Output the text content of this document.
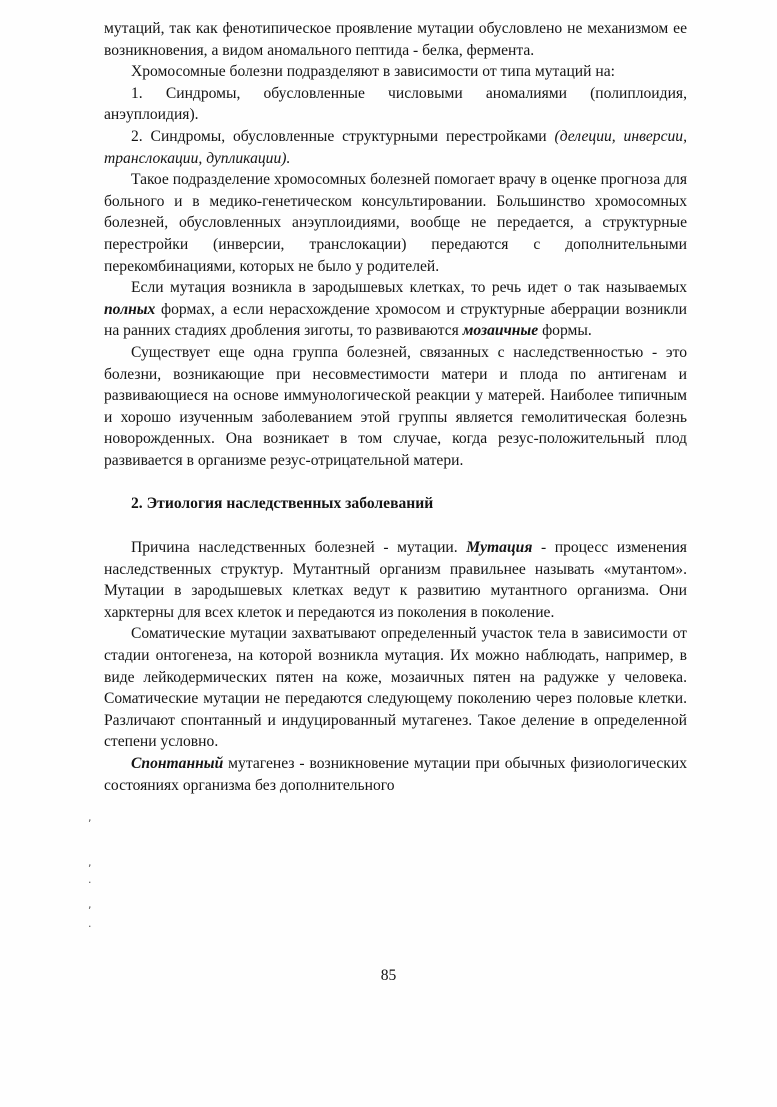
мутаций, так как фенотипическое проявление мутации обусловлено не механизмом ее возникновения, а видом аномального пептида - белка, фермента.

Хромосомные болезни подразделяют в зависимости от типа мутаций на:

1. Синдромы, обусловленные числовыми аномалиями (полиплоидия, анэуплоидия).

2. Синдромы, обусловленные структурными перестройками (делеции, инверсии, транслокации, дупликации).

Такое подразделение хромосомных болезней помогает врачу в оценке прогноза для больного и в медико-генетическом консультировании. Большинство хромосомных болезней, обусловленных анэуплоидиями, вообще не передается, а структурные перестройки (инверсии, транслокации) передаются с дополнительными перекомбинациями, которых не было у родителей.

Если мутация возникла в зародышевых клетках, то речь идет о так называемых полных формах, а если нерасхождение хромосом и структурные аберрации возникли на ранних стадиях дробления зиготы, то развиваются мозаичные формы.

Существует еще одна группа болезней, связанных с наследственностью - это болезни, возникающие при несовместимости матери и плода по антигенам и развивающиеся на основе иммунологической реакции у матерей. Наиболее типичным и хорошо изученным заболеванием этой группы является гемолитическая болезнь новорожденных. Она возникает в том случае, когда резус-положительный плод развивается в организме резус-отрицательной матери.

2. Этиология наследственных заболеваний

Причина наследственных болезней - мутации. Мутация - процесс изменения наследственных структур. Мутантный организм правильнее называть «мутантом». Мутации в зародышевых клетках ведут к развитию мутантного организма. Они харктерны для всех клеток и передаются из поколения в поколение.

Соматические мутации захватывают определенный участок тела в зависимости от стадии онтогенеза, на которой возникла мутация. Их можно наблюдать, например, в виде лейкодермических пятен на коже, мозаичных пятен на радужке у человека. Соматические мутации не передаются следующему поколению через половые клетки. Различают спонтанный и индуцированный мутагенез. Такое деление в определенной степени условно.

Спонтанный мутагенез - возникновение мутации при обычных физиологических состояниях организма без дополнительного

,
,
·
,
·
85
